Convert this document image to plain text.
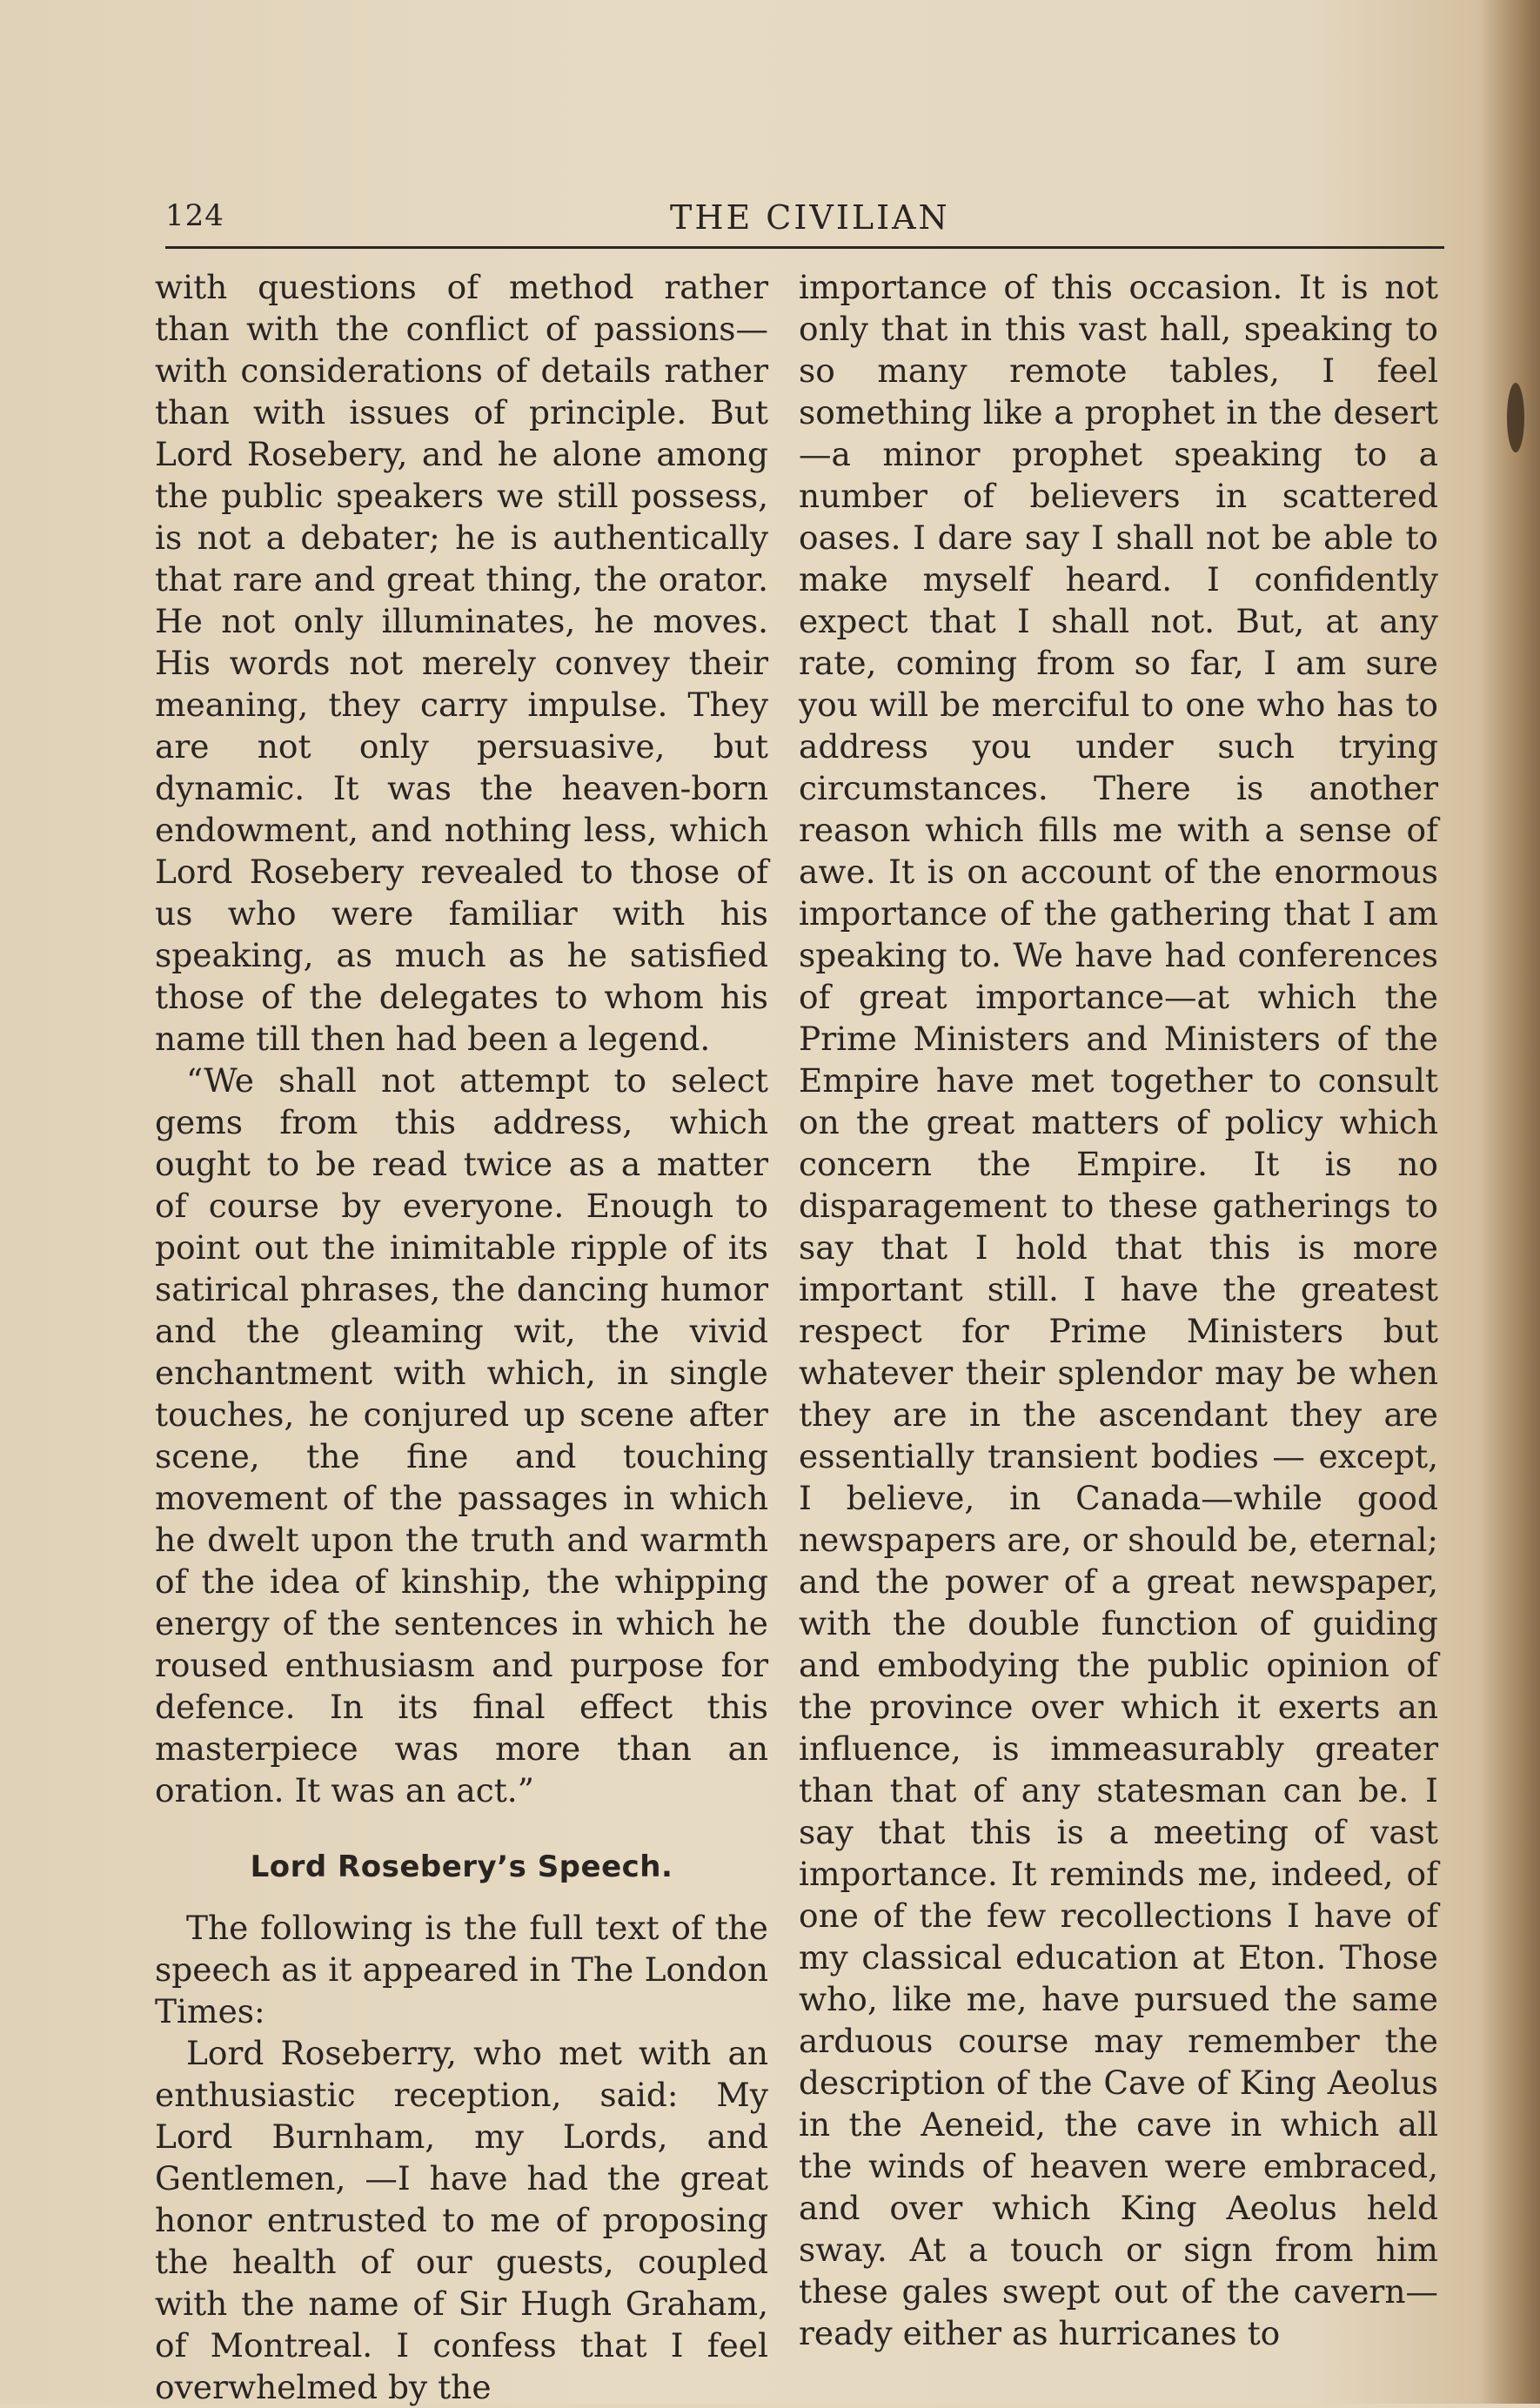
124	THE CIVILIAN

with questions of method rather than with the conflict of passions—with considerations of details rather than with issues of principle. But Lord Rosebery, and he alone among the public speakers we still possess, is not a debater; he is authentically that rare and great thing, the orator. He not only illuminates, he moves. His words not merely convey their meaning, they carry impulse. They are not only persuasive, but dynamic. It was the heaven-born endowment, and nothing less, which Lord Rosebery revealed to those of us who were familiar with his speaking, as much as he satisfied those of the delegates to whom his name till then had been a legend.

“We shall not attempt to select gems from this address, which ought to be read twice as a matter of course by everyone. Enough to point out the inimitable ripple of its satirical phrases, the dancing humor and the gleaming wit, the vivid enchantment with which, in single touches, he conjured up scene after scene, the fine and touching movement of the passages in which he dwelt upon the truth and warmth of the idea of kinship, the whipping energy of the sentences in which he roused enthusiasm and purpose for defence. In its final effect this masterpiece was more than an oration. It was an act.”

Lord Rosebery’s Speech.

The following is the full text of the speech as it appeared in The London Times:

Lord Roseberry, who met with an enthusiastic reception, said: My Lord Burnham, my Lords, and Gentlemen, —I have had the great honor entrusted to me of proposing the health of our guests, coupled with the name of Sir Hugh Graham, of Montreal. I confess that I feel overwhelmed by the

importance of this occasion. It is not only that in this vast hall, speaking to so many remote tables, I feel something like a prophet in the desert —a minor prophet speaking to a number of believers in scattered oases. I dare say I shall not be able to make myself heard. I confidently expect that I shall not. But, at any rate, coming from so far, I am sure you will be merciful to one who has to address you under such trying circumstances. There is another reason which fills me with a sense of awe. It is on account of the enormous importance of the gathering that I am speaking to. We have had conferences of great importance—at which the Prime Ministers and Ministers of the Empire have met together to consult on the great matters of policy which concern the Empire. It is no disparagement to these gatherings to say that I hold that this is more important still. I have the greatest respect for Prime Ministers but whatever their splendor may be when they are in the ascendant they are essentially transient bodies — except, I believe, in Canada—while good newspapers are, or should be, eternal; and the power of a great newspaper, with the double function of guiding and embodying the public opinion of the province over which it exerts an influence, is immeasurably greater than that of any statesman can be. I say that this is a meeting of vast importance. It reminds me, indeed, of one of the few recollections I have of my classical education at Eton. Those who, like me, have pursued the same arduous course may remember the description of the Cave of King Aeolus in the Aeneid, the cave in which all the winds of heaven were embraced, and over which King Aeolus held sway. At a touch or sign from him these gales swept out of the cavern—ready either as hurricanes to
